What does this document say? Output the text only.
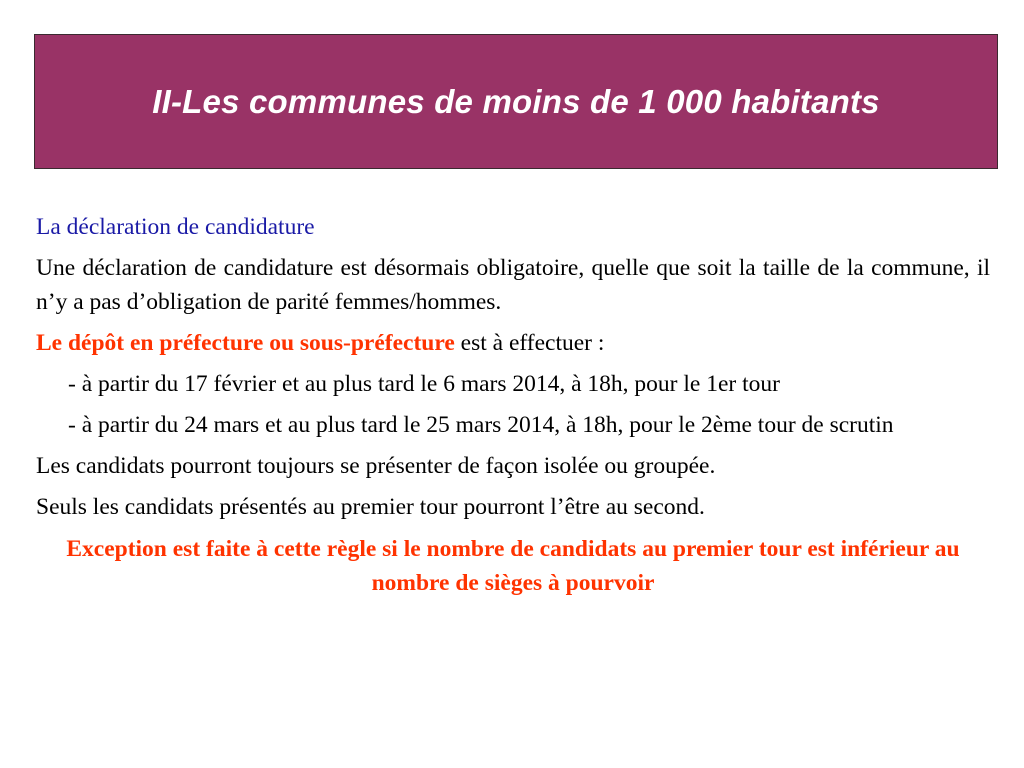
II-Les communes de moins de 1 000 habitants

La déclaration de candidature

Une déclaration de candidature est désormais obligatoire, quelle que soit la taille de la commune, il n’y a pas d’obligation de parité femmes/hommes.

Le dépôt en préfecture ou sous-préfecture est à effectuer :

- à partir du 17 février et au plus tard le 6 mars 2014, à 18h, pour le 1er tour

- à partir du 24 mars et au plus tard le 25 mars 2014, à 18h, pour le 2ème tour de scrutin

Les candidats pourront toujours se présenter de façon isolée ou groupée.

Seuls les candidats présentés au premier tour pourront l’être au second.

Exception est faite à cette règle si le nombre de candidats au premier tour est inférieur au nombre de sièges à pourvoir
